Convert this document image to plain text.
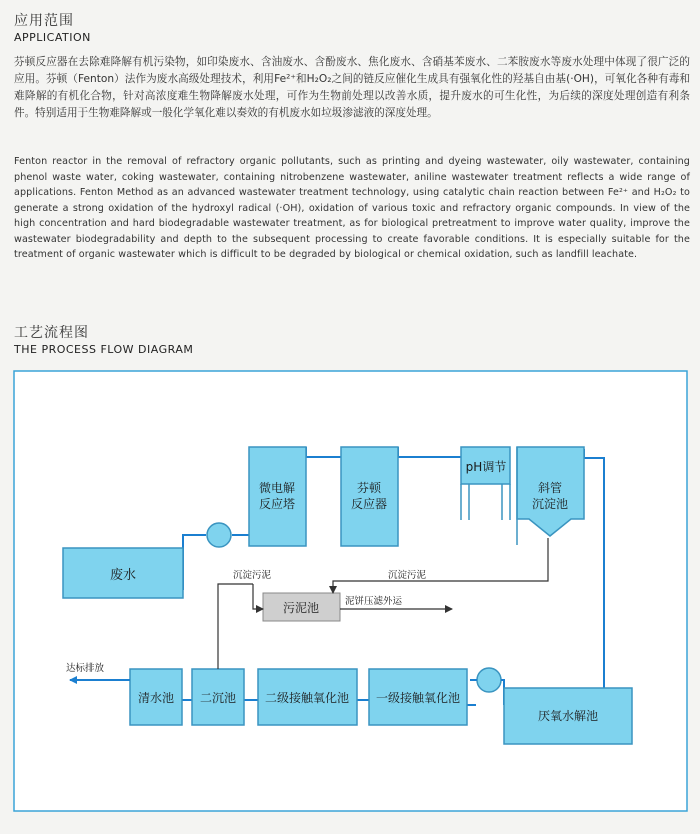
应用范围
APPLICATION
芬顿反应器在去除难降解有机污染物，如印染废水、含油废水、含酚废水、焦化废水、含硝基苯废水、二苯胺废水等废水处理中体现了很广泛的应用。芬顿（Fenton）法作为废水高级处理技术，利用Fe²⁺和H₂O₂之间的链反应催化生成具有强氧化性的羟基自由基(·OH)，可氧化各种有毒和难降解的有机化合物，针对高浓度难生物降解废水处理，可作为生物前处理以改善水质，提升废水的可生化性，为后续的深度处理创造有利条件。特别适用于生物难降解或一般化学氧化难以奏效的有机废水如垃圾渗滤液的深度处理。
Fenton reactor in the removal of refractory organic pollutants, such as printing and dyeing wastewater, oily wastewater, containing phenol waste water, coking wastewater, containing nitrobenzene wastewater, aniline wastewater treatment reflects a wide range of applications. Fenton Method as an advanced wastewater treatment technology, using catalytic chain reaction between Fe²⁺ and H₂O₂ to generate a strong oxidation of the hydroxyl radical (·OH), oxidation of various toxic and refractory organic compounds. In view of the high concentration and hard biodegradable wastewater treatment, as for biological pretreatment to improve water quality, improve the wastewater biodegradability and depth to the subsequent processing to create favorable conditions. It is especially suitable for the treatment of organic wastewater which is difficult to be degraded by biological or chemical oxidation, such as landfill leachate.
工艺流程图
THE PROCESS FLOW DIAGRAM
废水
微电解
反应塔
芬顿
反应器
pH调节
斜管
沉淀池
污泥池
清水池 二沉池 二级接触氧化池 一级接触氧化池
厌氧水解池
沉淀污泥	沉淀污泥
泥饼压滤外运
达标排放
